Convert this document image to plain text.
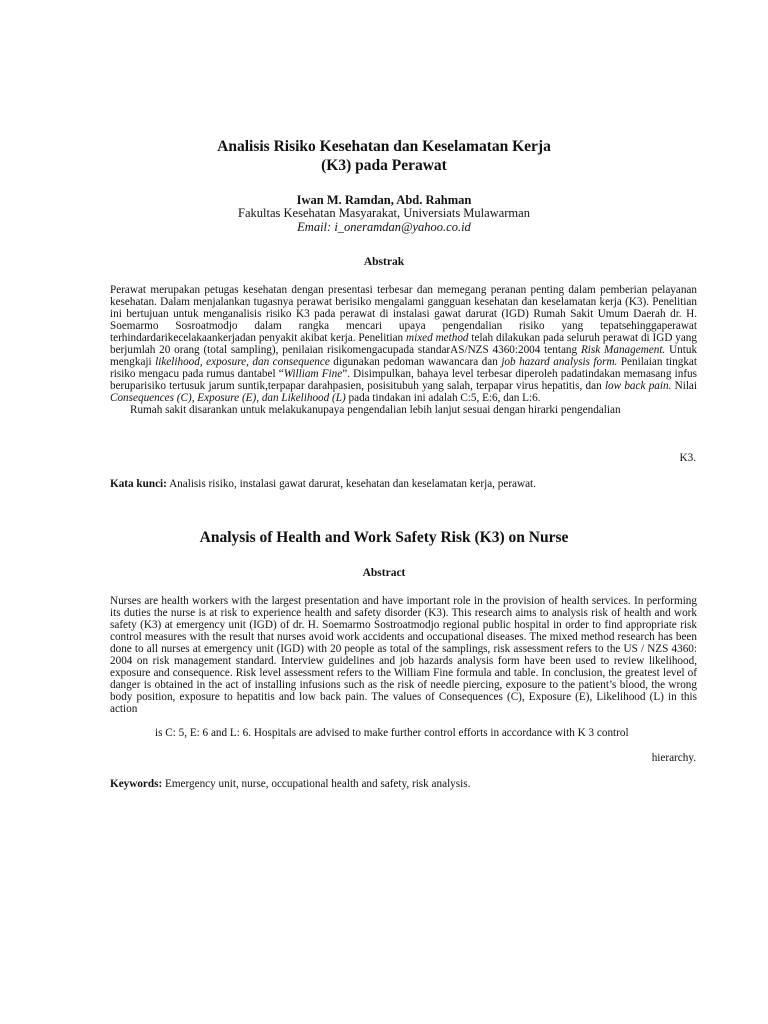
Analisis Risiko Kesehatan dan Keselamatan Kerja
(K3) pada Perawat
Iwan M. Ramdan, Abd. Rahman
Fakultas Kesehatan Masyarakat, Universiats Mulawarman
Email: i_oneramdan@yahoo.co.id
Abstrak
Perawat merupakan petugas kesehatan dengan presentasi terbesar dan memegang peranan penting dalam pemberian pelayanan kesehatan. Dalam menjalankan tugasnya perawat berisiko mengalami gangguan kesehatan dan keselamatan kerja (K3). Penelitian ini bertujuan untuk menganalisis risiko K3 pada perawat di instalasi gawat darurat (IGD) Rumah Sakit Umum Daerah dr. H. Soemarmo Sosroatmodjo dalam rangka mencari upaya pengendalian risiko yang tepatsehinggaperawat terhindardarikecelakaankerjadan penyakit akibat kerja. Penelitian mixed method telah dilakukan pada seluruh perawat di IGD yang berjumlah 20 orang (total sampling), penilaian risikomengacupada standarAS/NZS 4360:2004 tentang Risk Management. Untuk mengkaji likelihood, exposure, dan consequence digunakan pedoman wawancara dan job hazard analysis form. Penilaian tingkat risiko mengacu pada rumus dantabel “William Fine”. Disimpulkan, bahaya level terbesar diperoleh padatindakan memasang infus beruparisiko tertusuk jarum suntik,terpapar darahpasien, posisitubuh yang salah, terpapar virus hepatitis, dan low back pain. Nilai Consequences (C), Exposure (E), dan Likelihood (L) pada tindakan ini adalah C:5, E:6, dan L:6.
Rumah sakit disarankan untuk melakukanupaya pengendalian lebih lanjut sesuai dengan hirarki pengendalian
K3.
Kata kunci: Analisis risiko, instalasi gawat darurat, kesehatan dan keselamatan kerja, perawat.
Analysis of Health and Work Safety Risk (K3) on Nurse
Abstract
Nurses are health workers with the largest presentation and have important role in the provision of health services. In performing its duties the nurse is at risk to experience health and safety disorder (K3). This research aims to analysis risk of health and work safety (K3) at emergency unit (IGD) of dr. H. Soemarmo Sostroatmodjo regional public hospital in order to find appropriate risk control measures with the result that nurses avoid work accidents and occupational diseases. The mixed method research has been done to all nurses at emergency unit (IGD) with 20 people as total of the samplings, risk assessment refers to the US / NZS 4360: 2004 on risk management standard. Interview guidelines and job hazards analysis form have been used to review likelihood, exposure and consequence. Risk level assessment refers to the William Fine formula and table. In conclusion, the greatest level of danger is obtained in the act of installing infusions such as the risk of needle piercing, exposure to the patient’s blood, the wrong body position, exposure to hepatitis and low back pain. The values of Consequences (C), Exposure (E), Likelihood (L) in this action
is C: 5, E: 6 and L: 6. Hospitals are advised to make further control efforts in accordance with K 3 control
hierarchy.
Keywords: Emergency unit, nurse, occupational health and safety, risk analysis.
